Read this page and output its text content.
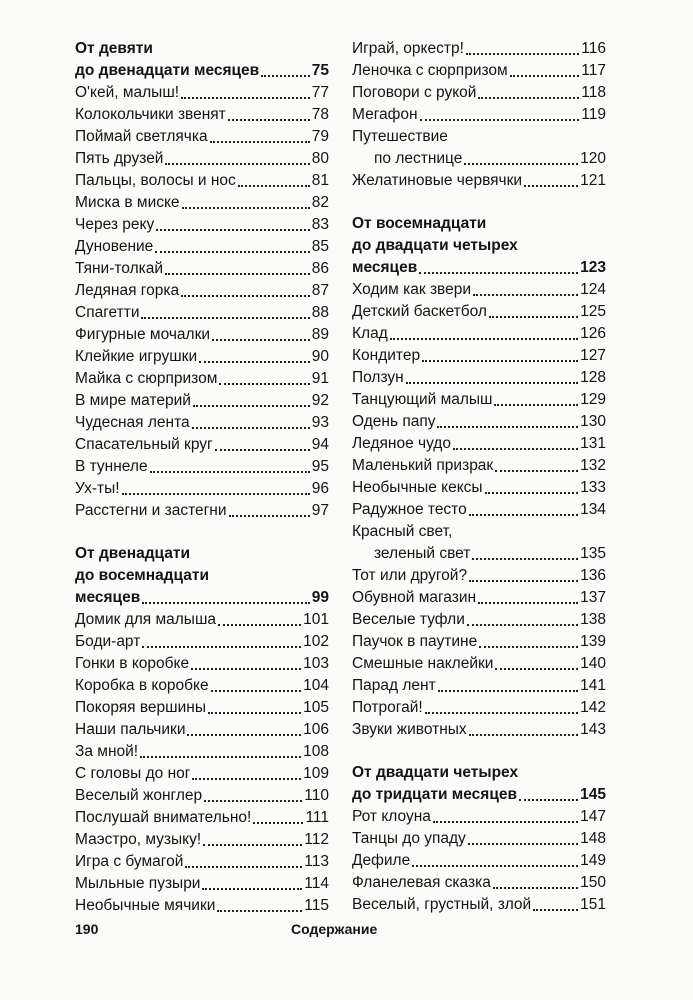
От девяти
до двенадцати месяцев	75
О'кей, малыш!	77
Колокольчики звенят	78
Поймай светлячка	79
Пять друзей	80
Пальцы, волосы и нос	81
Миска в миске	82
Через реку	83
Дуновение	85
Тяни-толкай	86
Ледяная горка	87
Спагетти	88
Фигурные мочалки	89
Клейкие игрушки	90
Майка с сюрпризом	91
В мире материй	92
Чудесная лента	93
Спасательный круг	94
В туннеле	95
Ух-ты!	96
Расстегни и застегни	97
От двенадцати
до восемнадцати
месяцев	99
Домик для малыша	101
Боди-арт	102
Гонки в коробке	103
Коробка в коробке	104
Покоряя вершины	105
Наши пальчики	106
За мной!	108
С головы до ног	109
Веселый жонглер	110
Послушай внимательно!	111
Маэстро, музыку!	112
Игра с бумагой	113
Мыльные пузыри	114
Необычные мячики	115
Играй, оркестр!	116
Леночка с сюрпризом	117
Поговори с рукой	118
Мегафон	119
Путешествие
по лестнице	120
Желатиновые червячки	121
От восемнадцати
до двадцати четырех
месяцев	123
Ходим как звери	124
Детский баскетбол	125
Клад	126
Кондитер	127
Ползун	128
Танцующий малыш	129
Одень папу	130
Ледяное чудо	131
Маленький призрак	132
Необычные кексы	133
Радужное тесто	134
Красный свет,
зеленый свет	135
Тот или другой?	136
Обувной магазин	137
Веселые туфли	138
Паучок в паутине	139
Смешные наклейки	140
Парад лент	141
Потрогай!	142
Звуки животных	143
От двадцати четырех
до тридцати месяцев	145
Рот клоуна	147
Танцы до упаду	148
Дефиле	149
Фланелевая сказка	150
Веселый, грустный, злой	151
190	Содержание
